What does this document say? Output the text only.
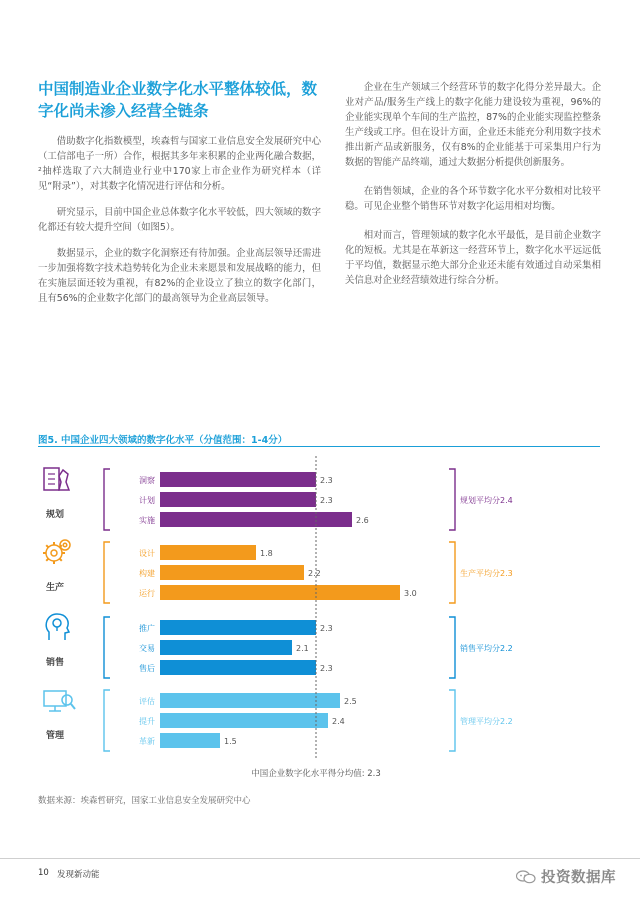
中国制造业企业数字化水平整体较低，数字化尚未渗入经营全链条

借助数字化指数模型，埃森哲与国家工业信息安全发展研究中心（工信部电子一所）合作，根据其多年来积累的企业两化融合数据，²抽样选取了六大制造业行业中170家上市企业作为研究样本（详见“附录”），对其数字化情况进行评估和分析。

研究显示，目前中国企业总体数字化水平较低，四大领域的数字化都还有较大提升空间（如图5）。

数据显示，企业的数字化洞察还有待加强。企业高层领导还需进一步加强将数字技术趋势转化为企业未来愿景和发展战略的能力，但在实施层面还较为重视，有82%的企业设立了独立的数字化部门，且有56%的企业数字化部门的最高领导为企业高层领导。

企业在生产领域三个经营环节的数字化得分差异最大。企业对产品/服务生产线上的数字化能力建设较为重视，96%的企业能实现单个车间的生产监控，87%的企业能实现监控整条生产线或工序。但在设计方面，企业还未能充分利用数字技术推出新产品或新服务，仅有8%的企业能基于可采集用户行为数据的智能产品终端，通过大数据分析提供创新服务。

在销售领域，企业的各个环节数字化水平分数相对比较平稳。可见企业整个销售环节对数字化运用相对均衡。

相对而言，管理领域的数字化水平最低，是目前企业数字化的短板。尤其是在革新这一经营环节上，数字化水平远远低于平均值，数据显示绝大部分企业还未能有效通过自动采集相关信息对企业经营绩效进行综合分析。

图5. 中国企业四大领域的数字化水平（分值范围：1-4分）
规划
洞察	2.3
计划	2.3
实施	2.6
规划平均分2.4
生产
设计	1.8
构建	2.2
运行	3.0
生产平均分2.3
销售
推广	2.3
交易	2.1
售后	2.3
销售平均分2.2
管理
评估	2.5
提升	2.4
革新	1.5
管理平均分2.2
中国企业数字化水平得分均值: 2.3
数据来源：埃森哲研究，国家工业信息安全发展研究中心
10 发现新动能	投资数据库
